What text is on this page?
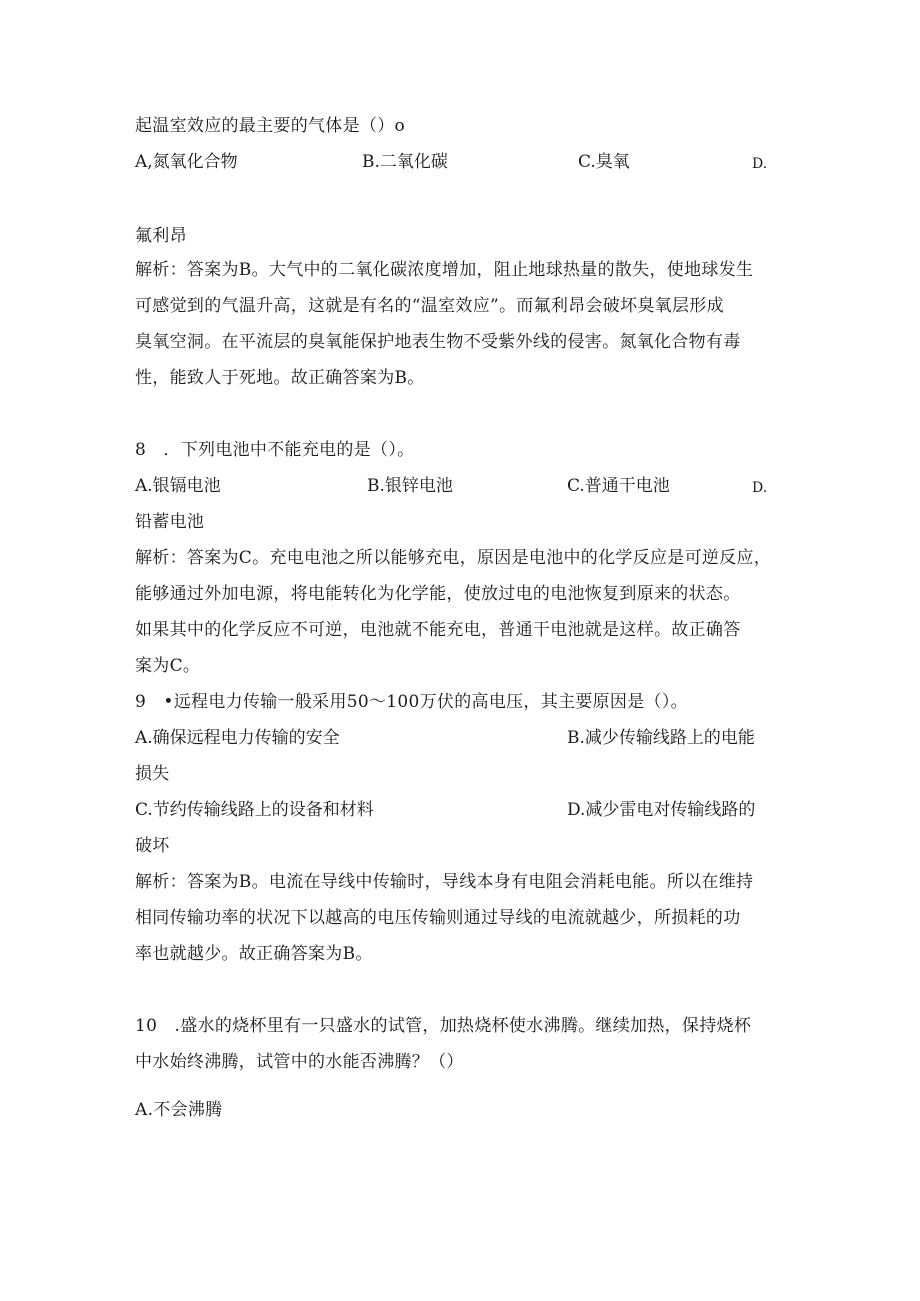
起温室效应的最主要的气体是（）o
A,氮氧化合物	B.二氧化碳	C.臭氧	D.
氟利昂
解析：答案为B。大气中的二氧化碳浓度增加，阻止地球热量的散失，使地球发生
可感觉到的气温升高，这就是有名的“温室效应”。而氟利昂会破坏臭氧层形成
臭氧空洞。在平流层的臭氧能保护地表生物不受紫外线的侵害。氮氧化合物有毒
性，能致人于死地。故正确答案为B。
8　．下列电池中不能充电的是（）。
A.银镉电池	B.银锌电池	C.普通干电池	D.
铅蓄电池
解析：答案为C。充电电池之所以能够充电，原因是电池中的化学反应是可逆反应，
能够通过外加电源，将电能转化为化学能，使放过电的电池恢复到原来的状态。
如果其中的化学反应不可逆，电池就不能充电，普通干电池就是这样。故正确答
案为C。
9　•远程电力传输一般采用50～100万伏的高电压，其主要原因是（）。
A.确保远程电力传输的安全	B.减少传输线路上的电能
损失
C.节约传输线路上的设备和材料	D.减少雷电对传输线路的
破坏
解析：答案为B。电流在导线中传输时，导线本身有电阻会消耗电能。所以在维持
相同传输功率的状况下以越高的电压传输则通过导线的电流就越少，所损耗的功
率也就越少。故正确答案为B。
10　.盛水的烧杯里有一只盛水的试管，加热烧杯使水沸腾。继续加热，保持烧杯
中水始终沸腾，试管中的水能否沸腾？（）
A.不会沸腾
